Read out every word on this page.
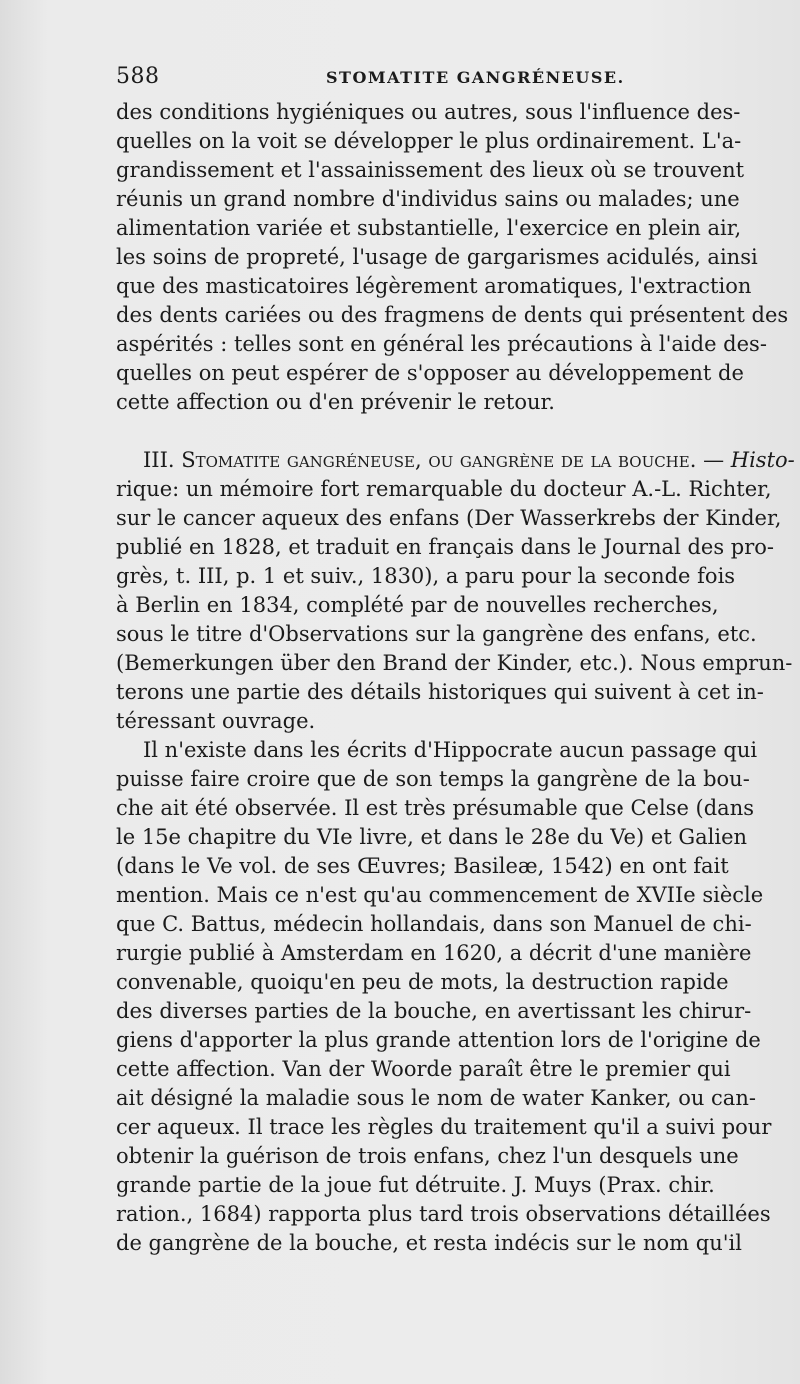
588	STOMATITE GANGRÉNEUSE.
des conditions hygiéniques ou autres, sous l'influence des-
quelles on la voit se développer le plus ordinairement. L'a-
grandissement et l'assainissement des lieux où se trouvent
réunis un grand nombre d'individus sains ou malades; une
alimentation variée et substantielle, l'exercice en plein air,
les soins de propreté, l'usage de gargarismes acidulés, ainsi
que des masticatoires légèrement aromatiques, l'extraction
des dents cariées ou des fragmens de dents qui présentent des
aspérités : telles sont en général les précautions à l'aide des-
quelles on peut espérer de s'opposer au développement de
cette affection ou d'en prévenir le retour.
III. Stomatite gangréneuse, ou gangrène de la bouche. — Histo-
rique: un mémoire fort remarquable du docteur A.-L. Richter,
sur le cancer aqueux des enfans (Der Wasserkrebs der Kinder,
publié en 1828, et traduit en français dans le Journal des pro-
grès, t. III, p. 1 et suiv., 1830), a paru pour la seconde fois
à Berlin en 1834, complété par de nouvelles recherches,
sous le titre d'Observations sur la gangrène des enfans, etc.
(Bemerkungen über den Brand der Kinder, etc.). Nous emprun-
terons une partie des détails historiques qui suivent à cet in-
téressant ouvrage.
Il n'existe dans les écrits d'Hippocrate aucun passage qui
puisse faire croire que de son temps la gangrène de la bou-
che ait été observée. Il est très présumable que Celse (dans
le 15e chapitre du VIe livre, et dans le 28e du Ve) et Galien
(dans le Ve vol. de ses Œuvres; Basileæ, 1542) en ont fait
mention. Mais ce n'est qu'au commencement de XVIIe siècle
que C. Battus, médecin hollandais, dans son Manuel de chi-
rurgie publié à Amsterdam en 1620, a décrit d'une manière
convenable, quoiqu'en peu de mots, la destruction rapide
des diverses parties de la bouche, en avertissant les chirur-
giens d'apporter la plus grande attention lors de l'origine de
cette affection. Van der Woorde paraît être le premier qui
ait désigné la maladie sous le nom de water Kanker, ou can-
cer aqueux. Il trace les règles du traitement qu'il a suivi pour
obtenir la guérison de trois enfans, chez l'un desquels une
grande partie de la joue fut détruite. J. Muys (Prax. chir.
ration., 1684) rapporta plus tard trois observations détaillées
de gangrène de la bouche, et resta indécis sur le nom qu'il
